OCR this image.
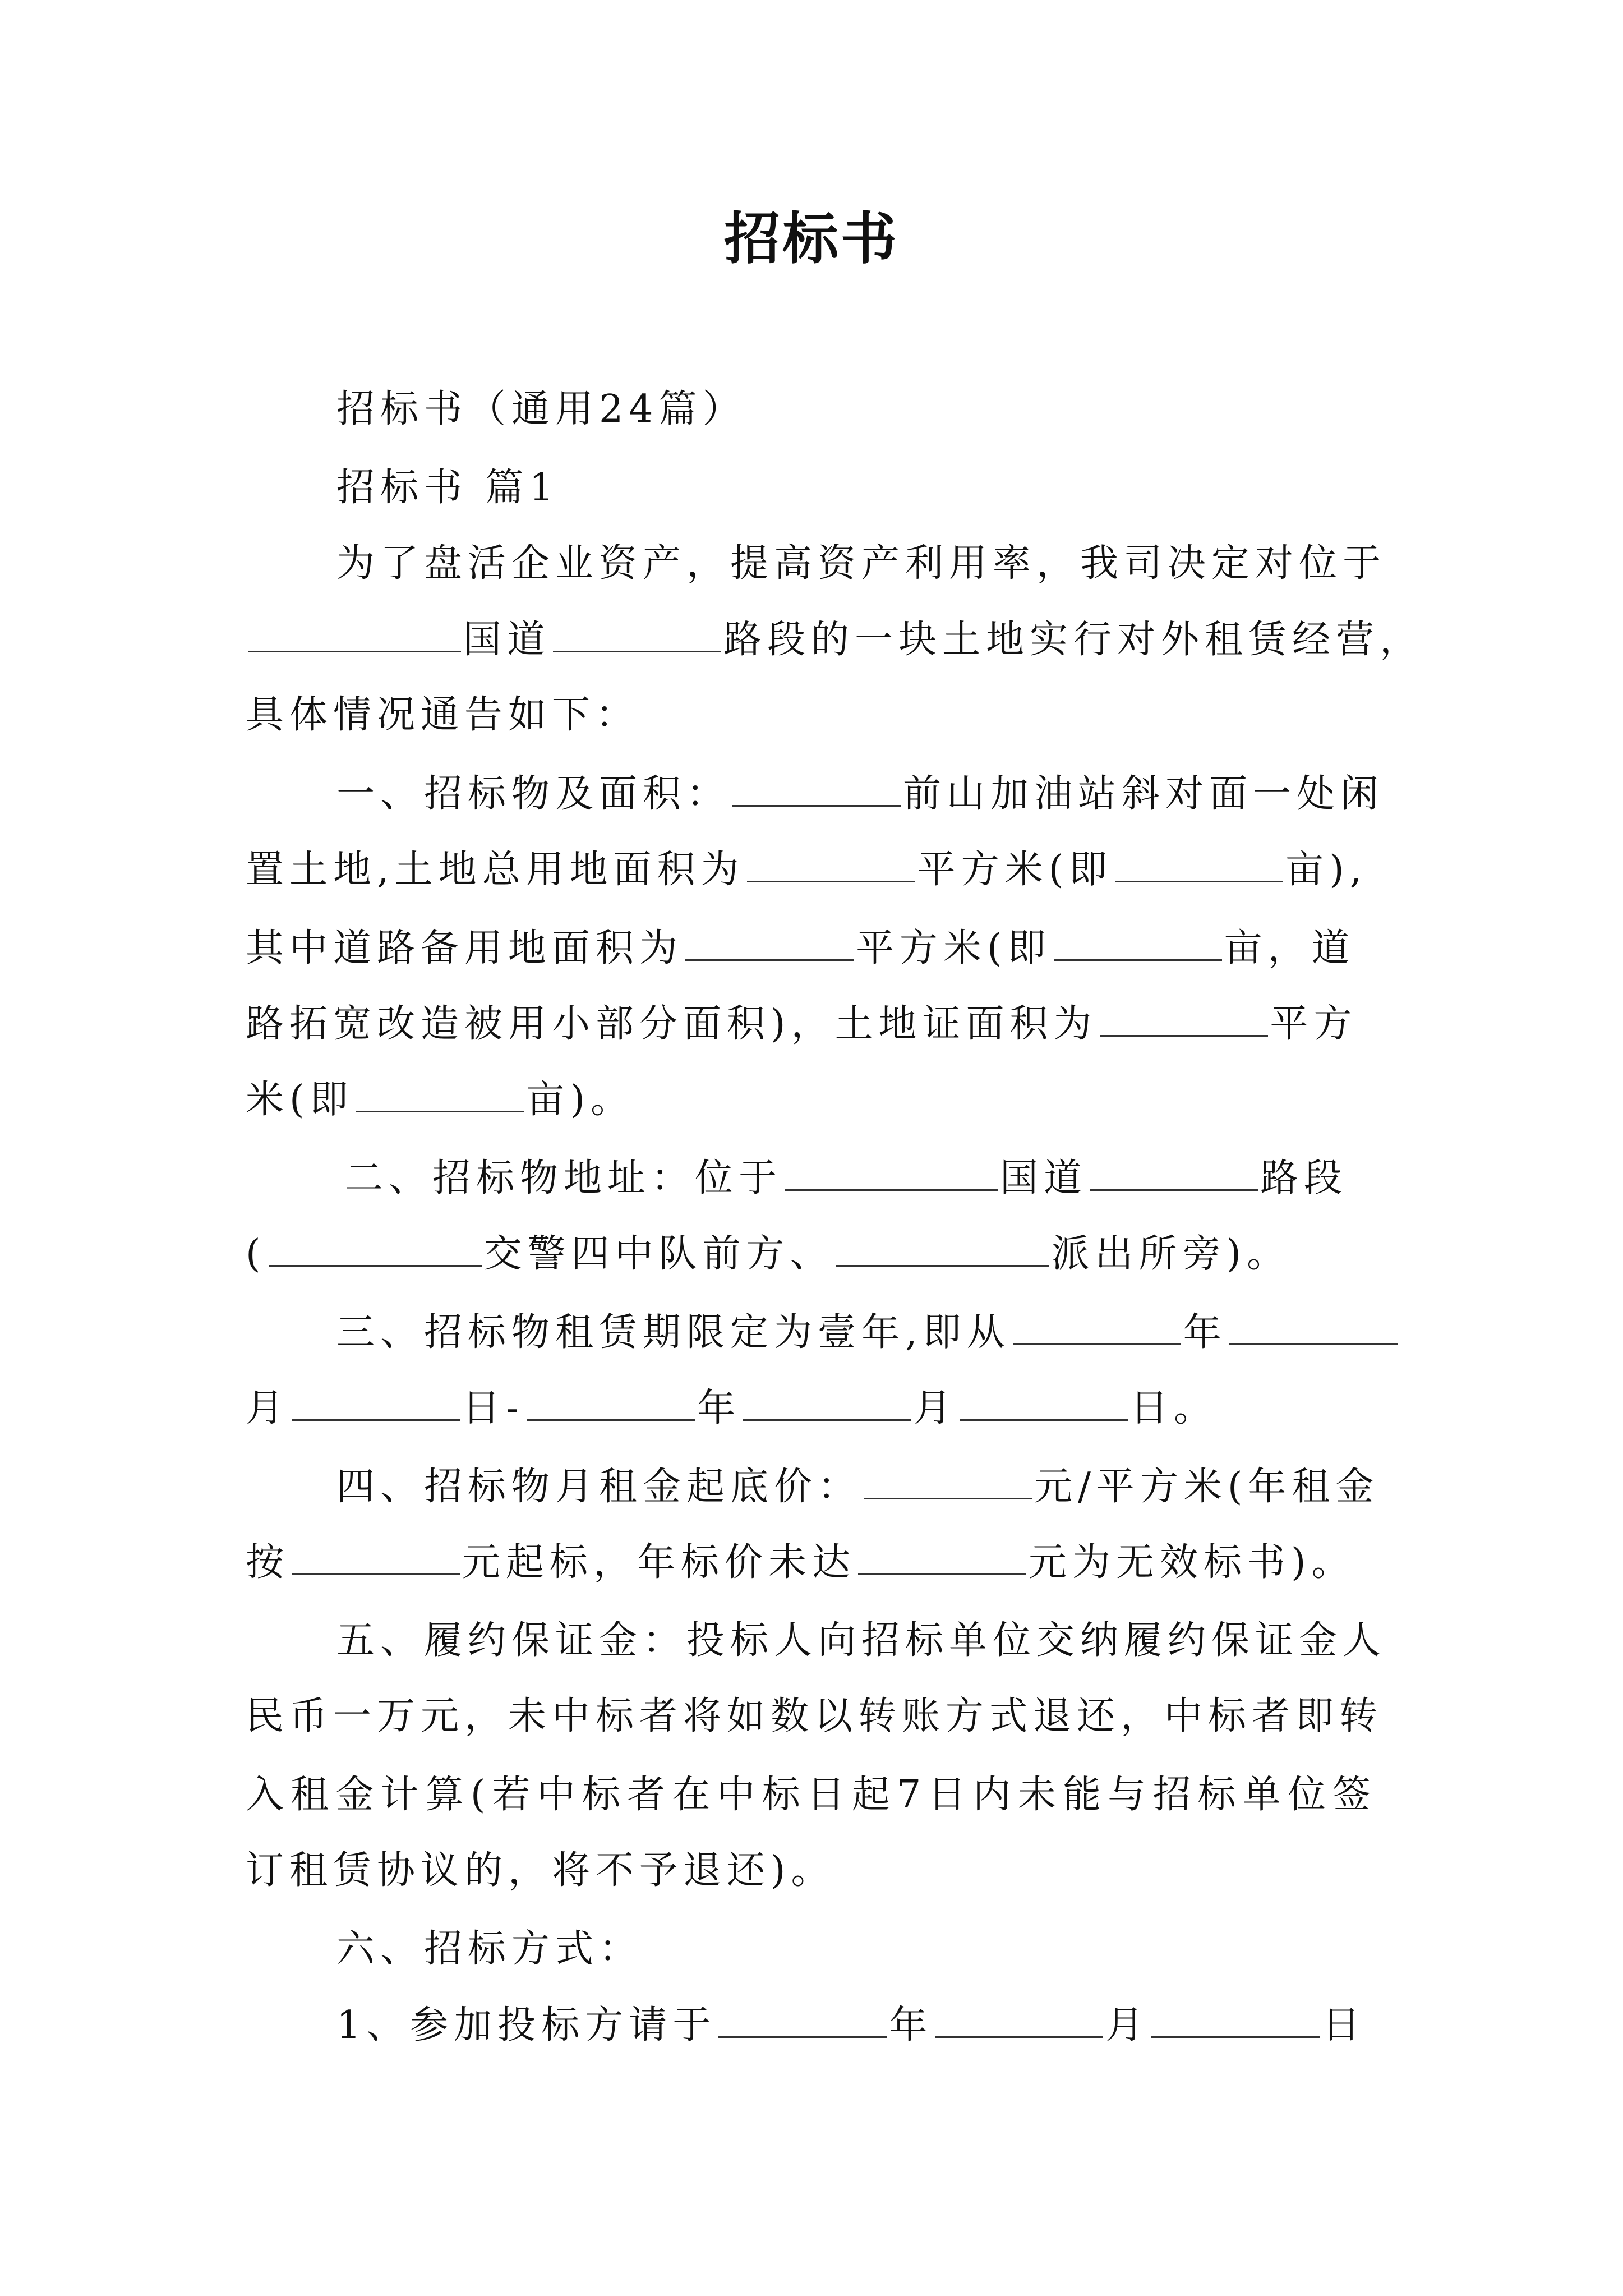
招标书
招标书（通用24篇）
招标书 篇1
为了盘活企业资产，提高资产利用率，我司决定对位于
国道	路段的一块土地实行对外租赁经营，
具体情况通告如下：
一、招标物及面积：	前山加油站斜对面一处闲
置土地,土地总用地面积为	平方米(即	亩),
其中道路备用地面积为	平方米(即	亩，道
路拓宽改造被用小部分面积)，土地证面积为	平方
米(即	亩)。
二、招标物地址：位于	国道	路段
(	交警四中队前方、	派出所旁)。
三、招标物租赁期限定为壹年,即从	年
月	日-	年	月	日。
四、招标物月租金起底价：	元/平方米(年租金
按	元起标，年标价未达	元为无效标书)。
五、履约保证金：投标人向招标单位交纳履约保证金人
民币一万元，未中标者将如数以转账方式退还，中标者即转
入租金计算(若中标者在中标日起7日内未能与招标单位签
订租赁协议的，将不予退还)。
六、招标方式：
1、参加投标方请于	年	月	日
